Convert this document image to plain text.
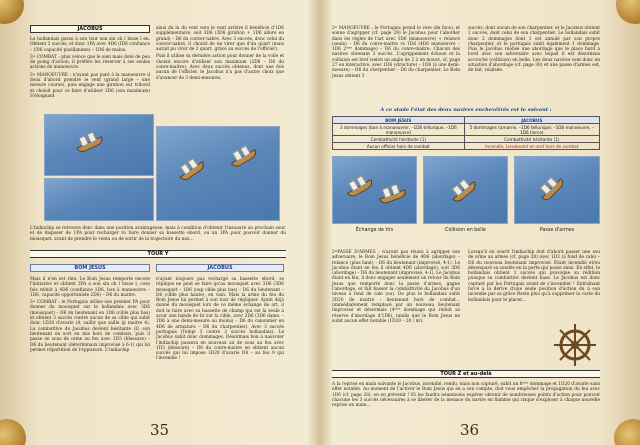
JACOBUS

Le hollandais passe à son tour son sin ob l hisse l en. Obtient 2 succès, et donc 1PA avec 4D6 (ID6 confiance – 1D6 capacité pusillanime) – 1D6 de malus.

3• COMBAT : plus veloce que le sien mais doté de peu de poing d'action, il préfère les réserver à ses seules actions de manoeuvre.

3• MANOEUVRE : n'ayant pas paré à la manoeuvre il doux d'abord prendre le vent (grand large – une mesure course), puis engage une giration sur tribord et choisit pour ce faire d'utiliser 3D6 (son maximum) S'éloignant

ainsi du lu du vent vers le vent arrière il bénéficie d'1D6 supplémentaire, soit 3D6 (3D6 giration + 1D6 allure en grand) – D6 du conver-nabre. Avec 3 succès, donc celui du conver-nabre, il choisit de ne virer que d'un quart (mais aurait pu virer de 2 quart, grâce au succès de l'officier).

Puis il utilise sa dernière action pour donner de la voile et choisit encore d'utiliser son maximum (2D6 – D6 du conre-maitre). Avec deux succès obtenus, dont une fois aucun de l'officier, le Jacobus n'a pas d'autre choix que d'avancer de 3 demi-mesures.

L'indiachip se retrouve donc dans une position avantageuse, mais à condition d'obtenir l'insuaure au prochain sour, et de disposer de 1PA pour recharger ro faire donner sa bassette ebord, ou un 1PA pour pouvoir donner du mousquet, avant de prendre le venta ou de sortir de la trajectoire du nau...
TOUR Y
BOM JESUS	JACOBUS

Mais il n'en est rien. Le Bom Jesus remporte encore l'initiative et obtient 3PA a son sin ob l hisse l, cose fois réduit à 4D6 (confiance 1D6, bon à manoeuvre – 1D6, capacité opportuniste 2D6) – D6 du maitre.

3• COMBAT : le Portugais utilise son premier PA pour donner du mousquet sur le hollandais avec 3D6 (mousquet) – D6 du lieutenant en 1D6 (cible plus bas) et obtient 3 succès contre aucun de sa cible qui subit donc 1D20 d'avarie (4, saillir que saille @ maitre 4). La combattive du Jacobus devient hésitante (D, son lieutenant en sort en mis hors de combats, puis il passe en sous de orme au feu avec 1D3 (blessure) – D6 du lieutenant (déterminaux improvisé à 6-1) qui lui permet répartition de l'éppissure. L'indiachip

n'ayant toujours pas rechargé sa bassette ebord, se réplique ne peut se faire qu'au mousquet avec 3D6 (3D6 mousquet – 1D6 (oup cible plus bas) – D6 du lieutenant – D6 (cible plus haute), en vain. Mais la arme du feu du Bom Jesus lui permet à son tour de répliquer. Ayant déjà donné du mousquet lors de ce même échange de art, il doit le faire avec sa bassette de champ qui est la seule à avoir une bande de tir sur la cible, avec 3D6 (3D6 dame, – 1D6 à une demi-mesure au moins) – D6 du canonnier en 4D6 de armature – D6 du charpentier). Avec 3 succès portugais (Tempi 3 contre 3 succès hollandais). Le Jacobus subit donc dommages. Désormais bon à nauvoter l'indiachip passera en nouveau au de sous au feu avec 1D3 (blessure) – D6 du conre-maitre en obtient aucun succès qui lui impose 1D20 d'avarie D8 – au feu 9 qui l'incendie !

35

3• MANOEUVRE : le Portugais prend le vers (de face), et sonne d'agripper (cf. page 29) le Jacobus pour l'aborder dans les règles de l'art avec 1D6 (manoeuvre) + relance (seule) – D6 du conre-maitre vs 1D6 (4D6 manoeuvre –1D6 2ᵉᵐᵉ dommage) – D6 du conre-maitre. Chacun des navires obtenant 3 succès. L'agrippement échoue et la collision est bref (selon un angle de 2 à un mouvt, cf. page 27 en intéractive, avec 1D6 (structure) – 1D6 (à une demi-mesure) – D6 du cherpentier – D6 du charpentier. Le Bom Jesus obtient 3

succès, dont aucun de son charpentier, et le Jacobus obtient 2 succès, dont celui de son charpentier. Le hollandais subit donc 2 dommages dont 1 est annulé par son propre charpentier, et le portugais subit également 1 dommage. Puis le Jacobus réalise une abordage que le place bord à bord avec son adversaire avec lequel il est désormais accroché (collision) en belle. Les deux navires sont donc en situation d'abordage (cf. page 30) et une passe d'armes est, de fait, réalisée.

A ce stade l'état des deux navires enchevêtrés est le suivant :
BOM JESUS	JACOBUS
3 dommages (bon à manoeuvrer, –1D6 tellurique, –1D6 manoeuvre)	5 dommages (amarrie, –1D6 tellurique, –1D6 manoeuvre, –1D6 tierce)
Combattivité hésitante (1)	Combattivité hésitante (1)
Aucun officier hors de combat	Incendie, Lieutenant en sort hors de combat
Échange de tirs	Collision en belle	Passe d'armes

3•PASSE D'ARMES : n'ayant pas réussi à agripper son adversaire, le Bom Jesus bénéficie de 4D6 (abordage) – relance (plus haut) – D6 du lieutenant (improvisé, 4-1). Le Jacobus étant en feu il obtient 4D6 (abordage), soit 3D6 (abordage) – D6 du lieutenant (improvisé, 4-1). Le Jacobus étant en feu, il donc engager seulement un retour du Bom Jesus que remporte donc la passe d'armes, gagne l'abordage, et fait basser la combattivité du Jacobus d'un niveau à fond de cale (ou). De plus le hollandais subit 2D20 de maitre : lieutenant hors de combat... (immédiatement remplacé par un nouveau lieutenant improvisé et désormais (4ᵉᵐᵉ dommage qui réduit sa réserve d'abordage d'1D6), tandis que le Bom Jesus ne subit aucun effet notable (1D20 – 20 / mᶠ).

Lorsqu'il en sourit l'indiachip doit d'abord passer une sou de orme au armes (cf. page 28) avec 1D3 (à fond de cale) – D6 du nouveau lieutenant improvisé. Étant incendié et/ou désemparé sa sondée en la perte qui passe ainsi. En effet, le hollandais obtient 1 succès qui provoque sa rédition puisque sa combattivé devient base. Le Jacobus est donc capturé par les Portugais avant de s'incendier ! Entraînant forcé à la dérive d'une seule position d'action du à son incendie par sa grâce Reste plus qu'à supprimer la carte du hollandais pour le placer...

TOUR Z et au-delà
A la reprise en main suivante le Jacobus, incendié, rendu, mais non capturé, subit un 6ᵉᵐᵉ dommage et 1D20 d'avarie sans effet notable. Au moment de l'activer le Bom Jesus qui en a son compte, doit vous empêcher la propagation du feu avec 1D6 (cf. page 28), en en prévenir ! Et les faudra néanmoins espérer obtenir de nombreuses points d'action pour pouvoir chacune les 3 succès nécessaires à se libérer de la menace du navire en flamme qui risque d'exploser à chaque nouvelle reprise en main...
36
